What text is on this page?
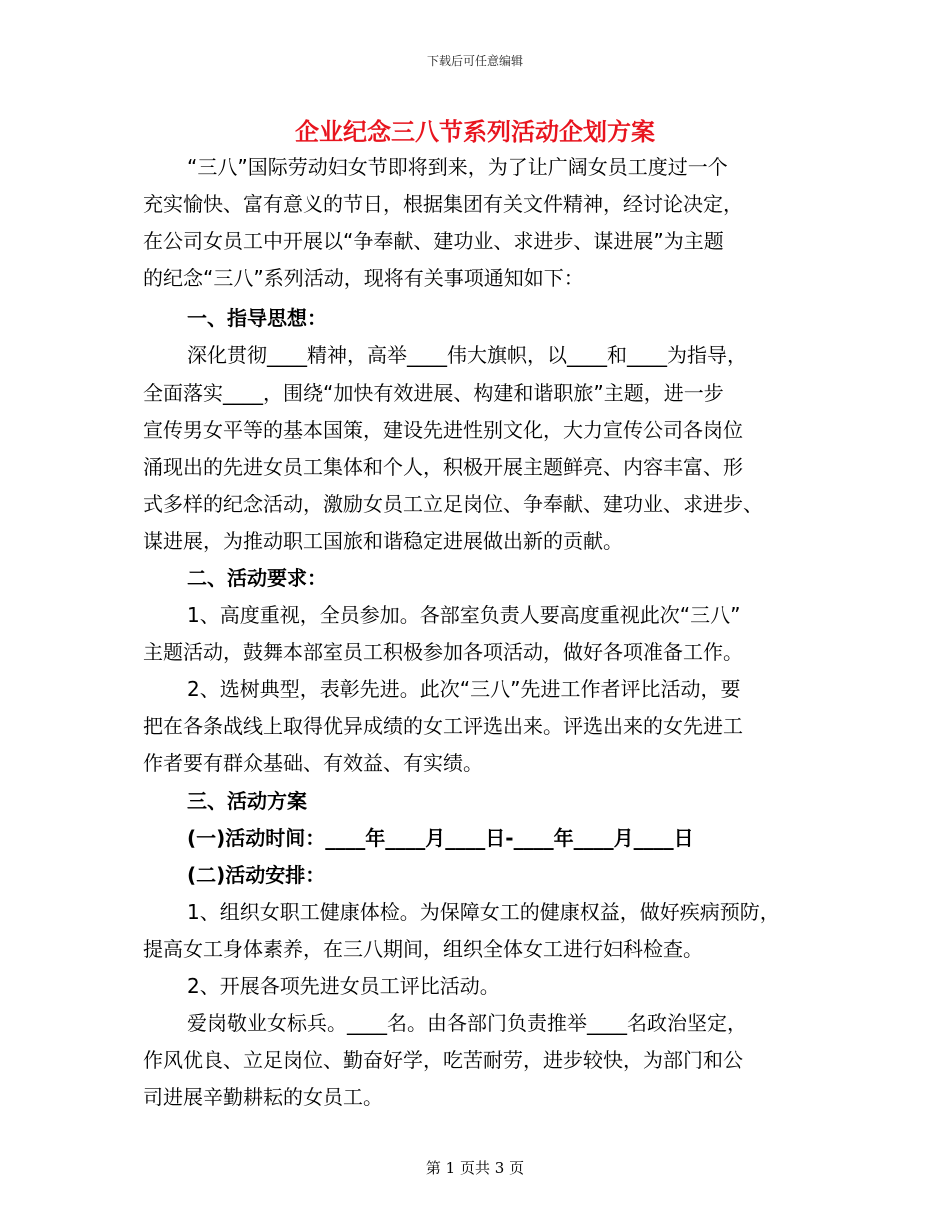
下载后可任意编辑
企业纪念三八节系列活动企划方案
“三八”国际劳动妇女节即将到来，为了让广阔女员工度过一个
充实愉快、富有意义的节日，根据集团有关文件精神，经讨论决定，
在公司女员工中开展以“争奉献、建功业、求进步、谋进展”为主题
的纪念“三八”系列活动，现将有关事项通知如下：
一、指导思想：
深化贯彻____精神，高举____伟大旗帜，以____和____为指导，
全面落实____，围绕“加快有效进展、构建和谐职旅”主题，进一步
宣传男女平等的基本国策，建设先进性别文化，大力宣传公司各岗位
涌现出的先进女员工集体和个人，积极开展主题鲜亮、内容丰富、形
式多样的纪念活动，激励女员工立足岗位、争奉献、建功业、求进步、
谋进展，为推动职工国旅和谐稳定进展做出新的贡献。
二、活动要求：
1、高度重视，全员参加。各部室负责人要高度重视此次“三八”
主题活动，鼓舞本部室员工积极参加各项活动，做好各项准备工作。
2、选树典型，表彰先进。此次“三八”先进工作者评比活动，要
把在各条战线上取得优异成绩的女工评选出来。评选出来的女先进工
作者要有群众基础、有效益、有实绩。
三、活动方案
(一)活动时间：____年____月____日-____年____月____日
(二)活动安排：
1、组织女职工健康体检。为保障女工的健康权益，做好疾病预防，
提高女工身体素养，在三八期间，组织全体女工进行妇科检查。
2、开展各项先进女员工评比活动。
爱岗敬业女标兵。____名。由各部门负责推举____名政治坚定，
作风优良、立足岗位、勤奋好学，吃苦耐劳，进步较快，为部门和公
司进展辛勤耕耘的女员工。
第 1 页共 3 页
